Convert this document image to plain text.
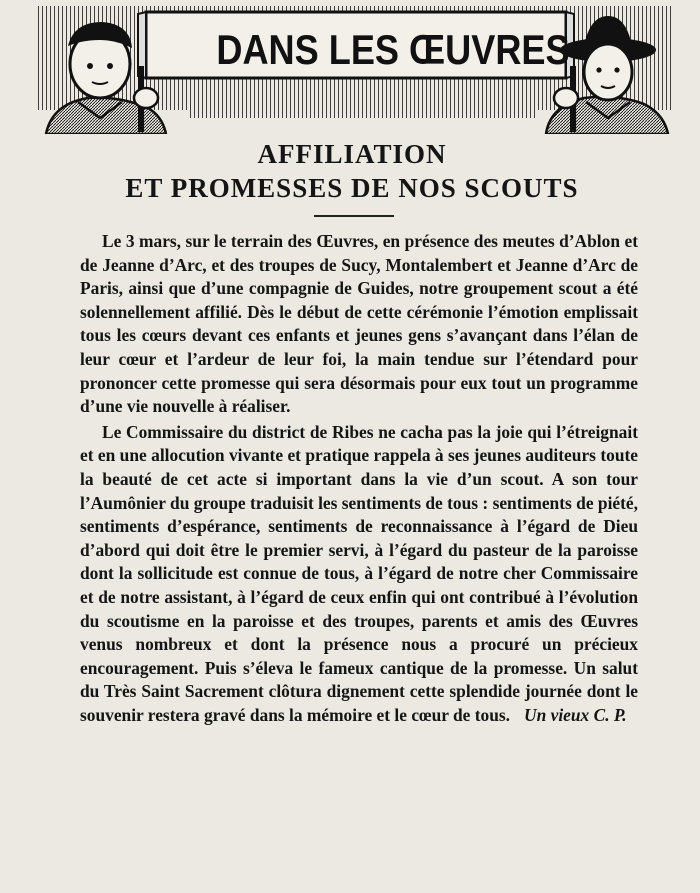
DANS LES ŒUVRES
AFFILIATION
ET PROMESSES DE NOS SCOUTS

Le 3 mars, sur le terrain des Œuvres, en présence des meutes d’Ablon et de Jeanne d’Arc, et des troupes de Sucy, Montalembert et Jeanne d’Arc de Paris, ainsi que d’une compagnie de Guides, notre groupement scout a été solennellement affilié. Dès le début de cette cérémonie l’émotion emplissait tous les cœurs devant ces enfants et jeunes gens s’avançant dans l’élan de leur cœur et l’ardeur de leur foi, la main tendue sur l’étendard pour prononcer cette promesse qui sera désormais pour eux tout un programme d’une vie nouvelle à réaliser.

Le Commissaire du district de Ribes ne cacha pas la joie qui l’étreignait et en une allocution vivante et pratique rappela à ses jeunes auditeurs toute la beauté de cet acte si important dans la vie d’un scout. A son tour l’Aumônier du groupe traduisit les sentiments de tous : sentiments de piété, sentiments d’espérance, sentiments de reconnaissance à l’égard de Dieu d’abord qui doit être le premier servi, à l’égard du pasteur de la paroisse dont la sollicitude est connue de tous, à l’égard de notre cher Commissaire et de notre assistant, à l’égard de ceux enfin qui ont contribué à l’évolution du scoutisme en la paroisse et des troupes, parents et amis des Œuvres venus nombreux et dont la présence nous a procuré un précieux encouragement. Puis s’éleva le fameux cantique de la promesse. Un salut du Très Saint Sacrement clôtura dignement cette splendide journée dont le souvenir restera gravé dans la mémoire et le cœur de tous. Un vieux C. P.
